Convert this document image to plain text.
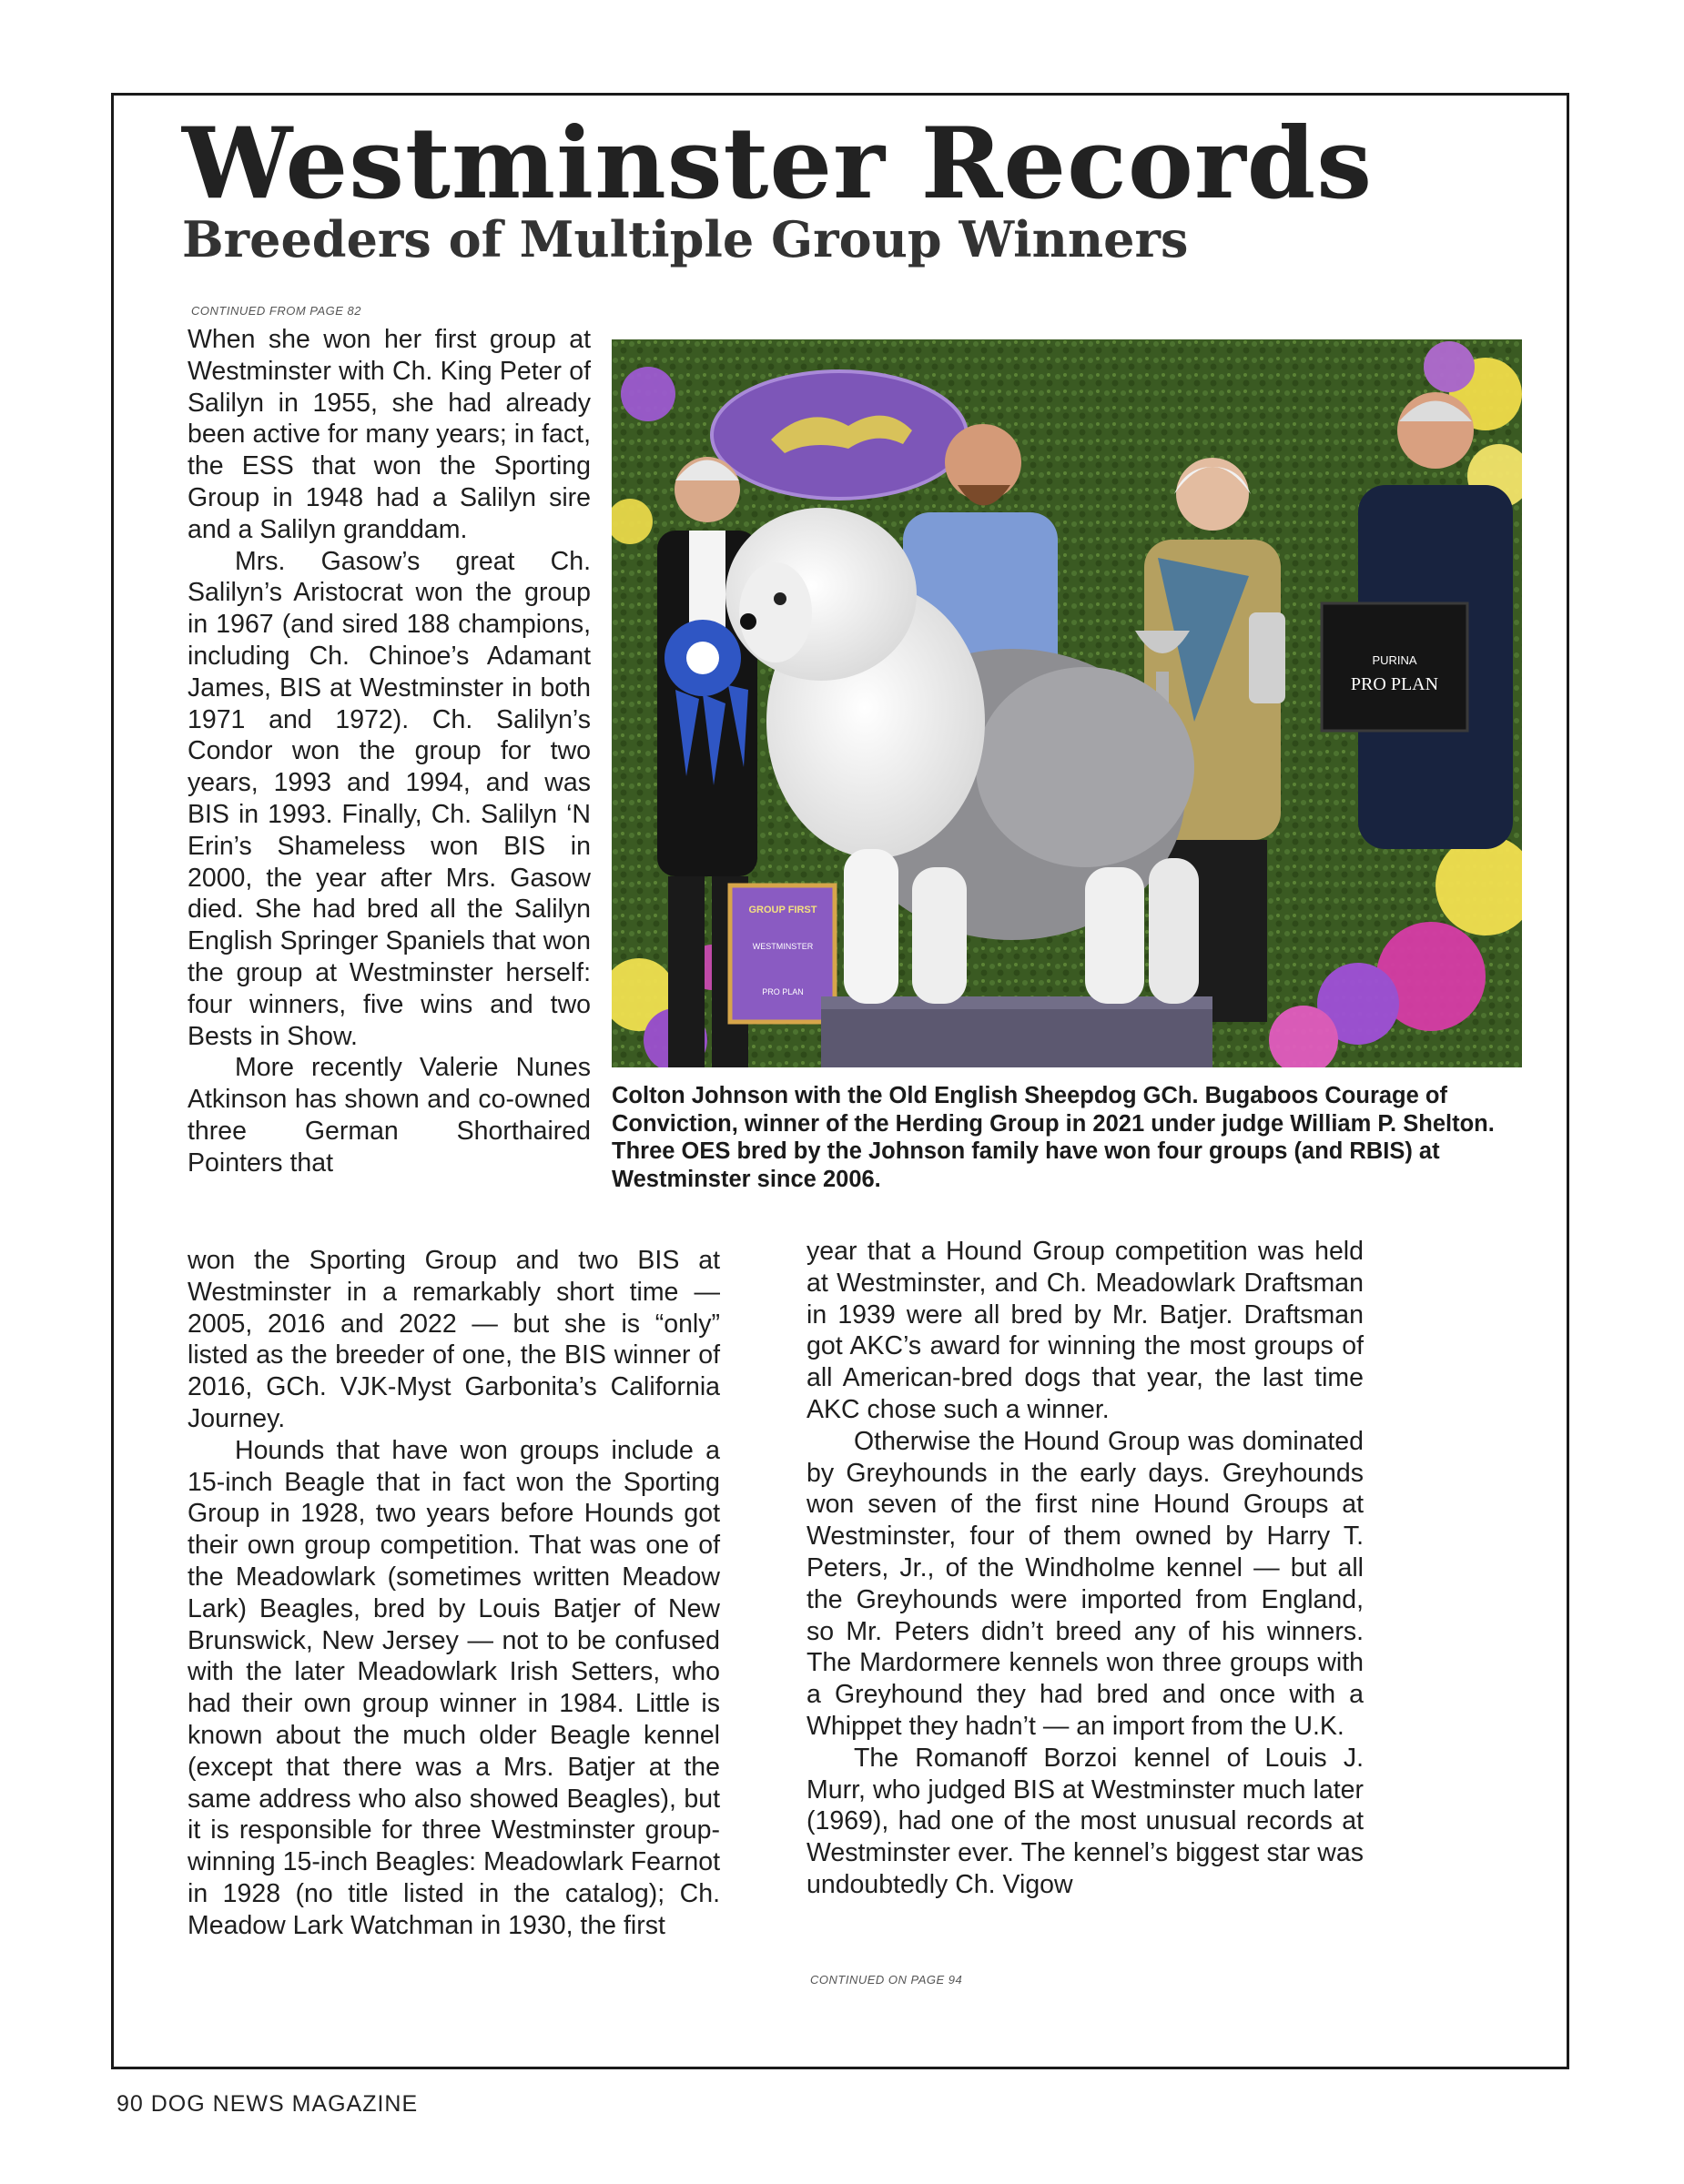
Westminster Records
Breeders of Multiple Group Winners
CONTINUED FROM PAGE 82

When she won her first group at Westminster with Ch. King Peter of Salilyn in 1955, she had already been active for many years; in fact, the ESS that won the Sporting Group in 1948 had a Salilyn sire and a Salilyn granddam.

Mrs. Gasow’s great Ch. Salilyn’s Aristocrat won the group in 1967 (and sired 188 champions, including Ch. Chinoe’s Adamant James, BIS at Westminster in both 1971 and 1972). Ch. Salilyn’s Condor won the group for two years, 1993 and 1994, and was BIS in 1993. Finally, Ch. Salilyn ‘N Erin’s Shameless won BIS in 2000, the year after Mrs. Gasow died. She had bred all the Salilyn English Springer Spaniels that won the group at Westminster herself: four winners, five wins and two Bests in Show.

More recently Valerie Nunes Atkinson has shown and co-owned three German Shorthaired Pointers that

PURINA
PRO PLAN
GROUP FIRST
WESTMINSTER
PRO PLAN

Colton Johnson with the Old English Sheepdog GCh. Bugaboos Courage of Conviction, winner of the Herding Group in 2021 under judge William P. Shelton. Three OES bred by the Johnson family have won four groups (and RBIS) at Westminster since 2006.

won the Sporting Group and two BIS at Westminster in a remarkably short time — 2005, 2016 and 2022 — but she is “only” listed as the breeder of one, the BIS winner of 2016, GCh. VJK-Myst Garbonita’s California Journey.

Hounds that have won groups include a 15-inch Beagle that in fact won the Sporting Group in 1928, two years before Hounds got their own group competition. That was one of the Meadowlark (sometimes written Meadow Lark) Beagles, bred by Louis Batjer of New Brunswick, New Jersey — not to be confused with the later Meadowlark Irish Setters, who had their own group winner in 1984. Little is known about the much older Beagle kennel (except that there was a Mrs. Batjer at the same address who also showed Beagles), but it is responsible for three Westminster group-winning 15-inch Beagles: Meadowlark Fearnot in 1928 (no title listed in the catalog); Ch. Meadow Lark Watchman in 1930, the first

year that a Hound Group competition was held at Westminster, and Ch. Meadowlark Draftsman in 1939 were all bred by Mr. Batjer. Draftsman got AKC’s award for winning the most groups of all American-bred dogs that year, the last time AKC chose such a winner.

Otherwise the Hound Group was dominated by Greyhounds in the early days. Greyhounds won seven of the first nine Hound Groups at Westminster, four of them owned by Harry T. Peters, Jr., of the Windholme kennel — but all the Greyhounds were imported from England, so Mr. Peters didn’t breed any of his winners. The Mardormere kennels won three groups with a Greyhound they had bred and once with a Whippet they hadn’t — an import from the U.K.

The Romanoff Borzoi kennel of Louis J. Murr, who judged BIS at Westminster much later (1969), had one of the most unusual records at Westminster ever. The kennel’s biggest star was undoubtedly Ch. Vigow

CONTINUED ON PAGE 94
90 DOG NEWS MAGAZINE
